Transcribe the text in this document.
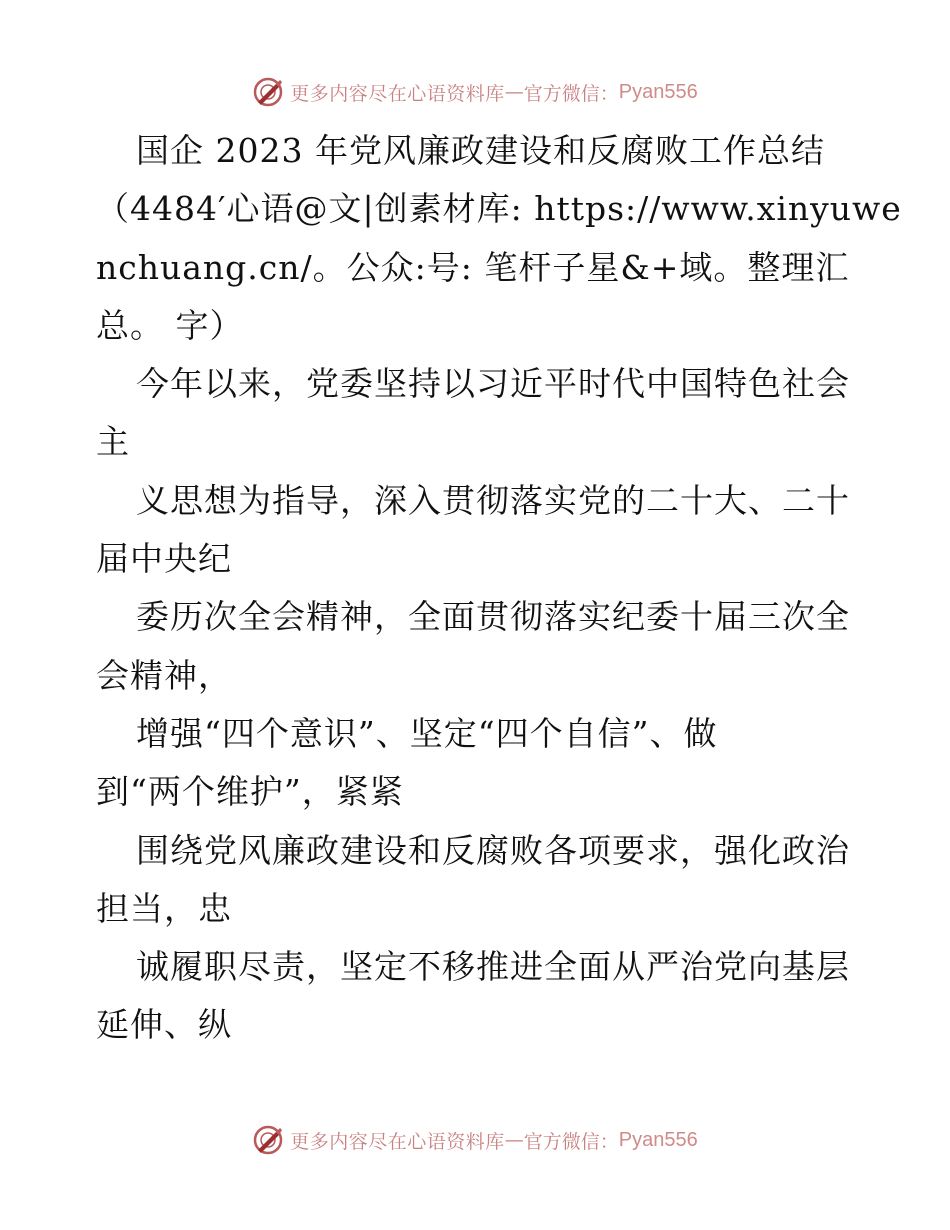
更多内容尽在心语资料库 — 官方微信： Pyan556
国企 2023 年党风廉政建设和反腐败工作总结
（4484′心语@文|创素材库: https://www.xinyuwe
nchuang.cn/。公众:号: 笔杆子星&+域。整理汇
总。 字）
今年以来，党委坚持以习近平时代中国特色社会
主
义思想为指导，深入贯彻落实党的二十大、二十
届中央纪
委历次全会精神，全面贯彻落实纪委十届三次全
会精神，
增强“四个意识”、坚定“四个自信”、做
到“两个维护”，紧紧
围绕党风廉政建设和反腐败各项要求，强化政治
担当，忠
诚履职尽责，坚定不移推进全面从严治党向基层
延伸、纵
更多内容尽在心语资料库 — 官方微信： Pyan556
